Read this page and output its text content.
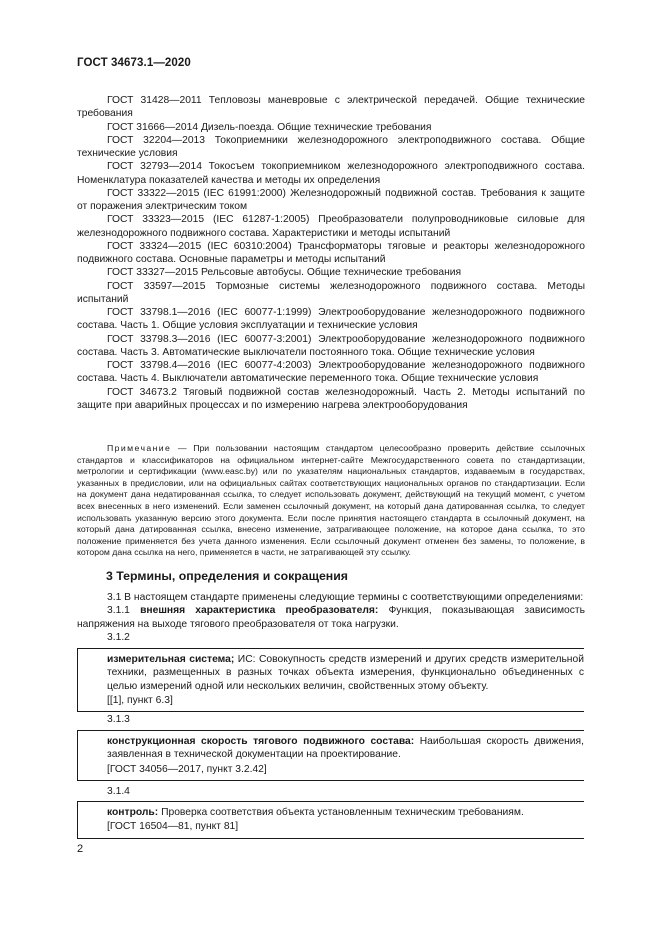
ГОСТ 34673.1—2020

ГОСТ 31428—2011 Тепловозы маневровые с электрической передачей. Общие технические требования

ГОСТ 31666—2014 Дизель-поезда. Общие технические требования

ГОСТ 32204—2013 Токоприемники железнодорожного электроподвижного состава. Общие технические условия

ГОСТ 32793—2014 Токосъем токоприемником железнодорожного электроподвижного состава. Номенклатура показателей качества и методы их определения

ГОСТ 33322—2015 (IEC 61991:2000) Железнодорожный подвижной состав. Требования к защите от поражения электрическим током

ГОСТ 33323—2015 (IEC 61287-1:2005) Преобразователи полупроводниковые силовые для железнодорожного подвижного состава. Характеристики и методы испытаний

ГОСТ 33324—2015 (IEC 60310:2004) Трансформаторы тяговые и реакторы железнодорожного подвижного состава. Основные параметры и методы испытаний

ГОСТ 33327—2015 Рельсовые автобусы. Общие технические требования

ГОСТ 33597—2015 Тормозные системы железнодорожного подвижного состава. Методы испытаний

ГОСТ 33798.1—2016 (IEC 60077-1:1999) Электрооборудование железнодорожного подвижного состава. Часть 1. Общие условия эксплуатации и технические условия

ГОСТ 33798.3—2016 (IEC 60077-3:2001) Электрооборудование железнодорожного подвижного состава. Часть 3. Автоматические выключатели постоянного тока. Общие технические условия

ГОСТ 33798.4—2016 (IEC 60077-4:2003) Электрооборудование железнодорожного подвижного состава. Часть 4. Выключатели автоматические переменного тока. Общие технические условия

ГОСТ 34673.2 Тяговый подвижной состав железнодорожный. Часть 2. Методы испытаний по защите при аварийных процессах и по измерению нагрева электрооборудования

Примечание — При пользовании настоящим стандартом целесообразно проверить действие ссылочных стандартов и классификаторов на официальном интернет-сайте Межгосударственного совета по стандартизации, метрологии и сертификации (www.easc.by) или по указателям национальных стандартов, издаваемым в государствах, указанных в предисловии, или на официальных сайтах соответствующих национальных органов по стандартизации. Если на документ дана недатированная ссылка, то следует использовать документ, действующий на текущий момент, с учетом всех внесенных в него изменений. Если заменен ссылочный документ, на который дана датированная ссылка, то следует использовать указанную версию этого документа. Если после принятия настоящего стандарта в ссылочный документ, на который дана датированная ссылка, внесено изменение, затрагивающее положение, на которое дана ссылка, то это положение применяется без учета данного изменения. Если ссылочный документ отменен без замены, то положение, в котором дана ссылка на него, применяется в части, не затрагивающей эту ссылку.

3 Термины, определения и сокращения

3.1 В настоящем стандарте применены следующие термины с соответствующими определениями:

3.1.1 внешняя характеристика преобразователя: Функция, показывающая зависимость напряжения на выходе тягового преобразователя от тока нагрузки.

3.1.2

измерительная система; ИС: Совокупность средств измерений и других средств измерительной техники, размещенных в разных точках объекта измерения, функционально объединенных с целью измерений одной или нескольких величин, свойственных этому объекту.

[[1], пункт 6.3]

3.1.3

конструкционная скорость тягового подвижного состава: Наибольшая скорость движения, заявленная в технической документации на проектирование.

[ГОСТ 34056—2017, пункт 3.2.42]

3.1.4

контроль: Проверка соответствия объекта установленным техническим требованиям.

[ГОСТ 16504—81, пункт 81]

2
